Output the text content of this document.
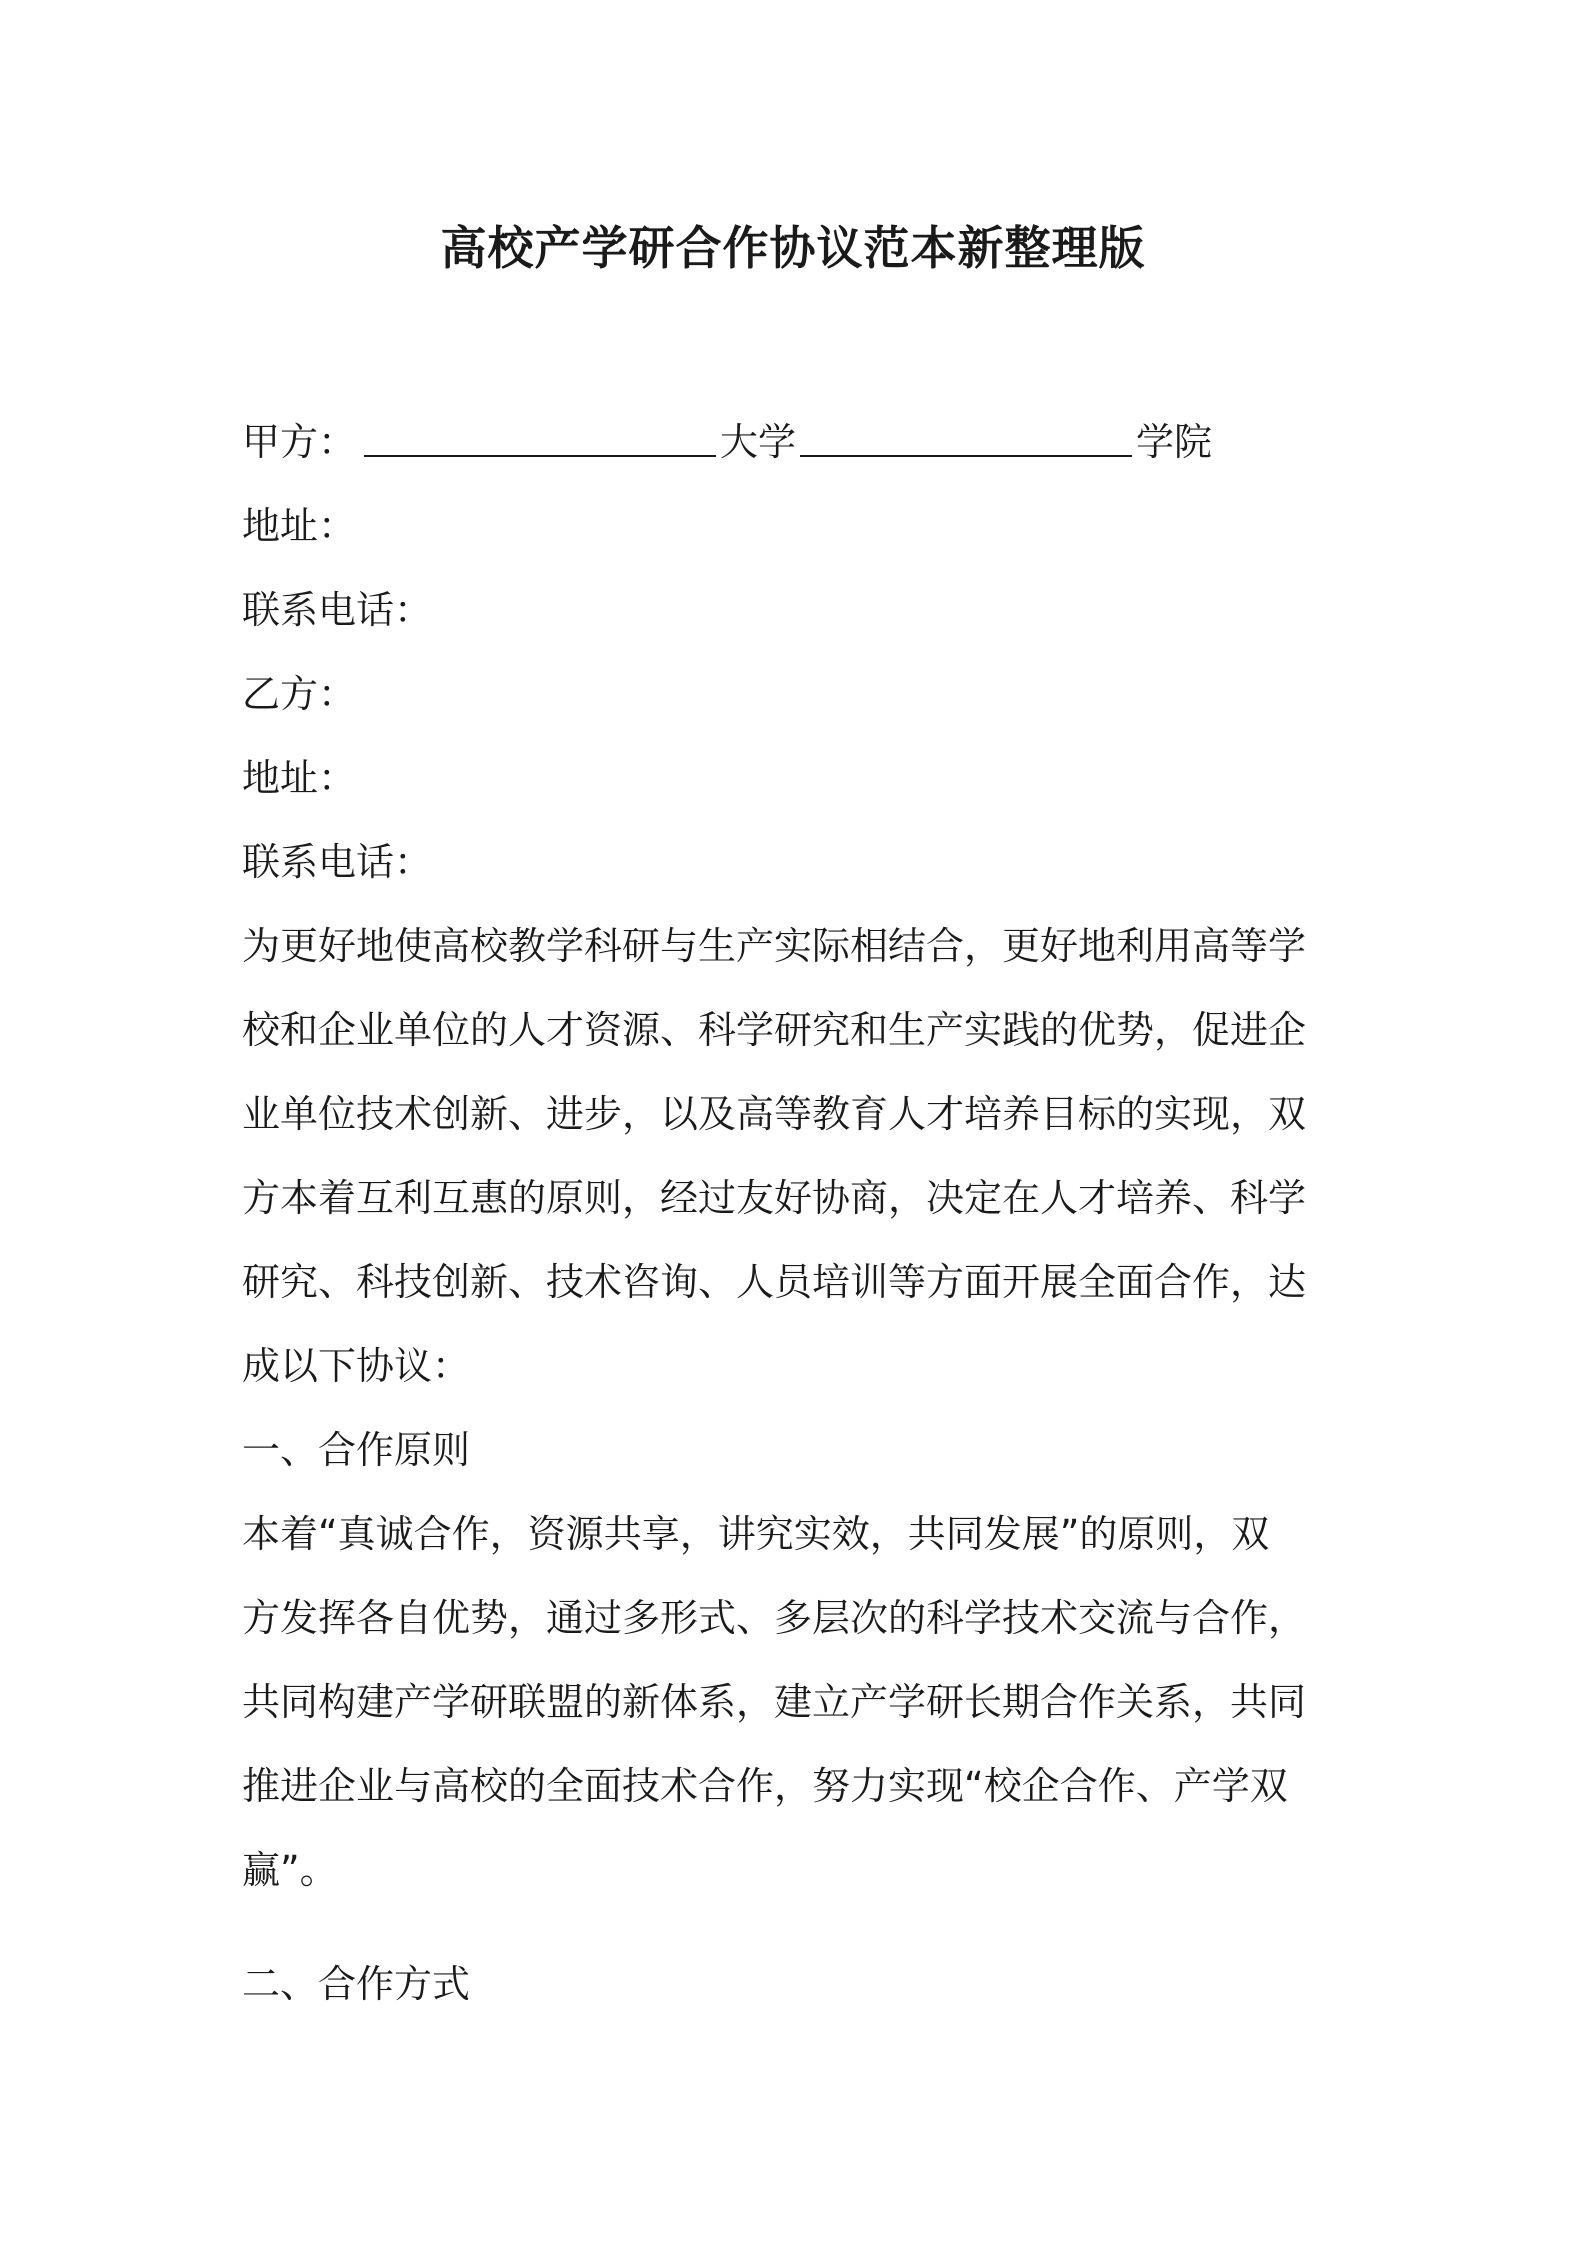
高校产学研合作协议范本新整理版
甲方：	大学	学院
地址：
联系电话：
乙方：
地址：
联系电话：
为更好地使高校教学科研与生产实际相结合，更好地利用高等学
校和企业单位的人才资源、科学研究和生产实践的优势，促进企
业单位技术创新、进步，以及高等教育人才培养目标的实现，双
方本着互利互惠的原则，经过友好协商，决定在人才培养、科学
研究、科技创新、技术咨询、人员培训等方面开展全面合作，达
成以下协议：
一、合作原则
本着“真诚合作，资源共享，讲究实效，共同发展”的原则，双
方发挥各自优势，通过多形式、多层次的科学技术交流与合作，
共同构建产学研联盟的新体系，建立产学研长期合作关系，共同
推进企业与高校的全面技术合作，努力实现“校企合作、产学双
赢”。
二、合作方式
